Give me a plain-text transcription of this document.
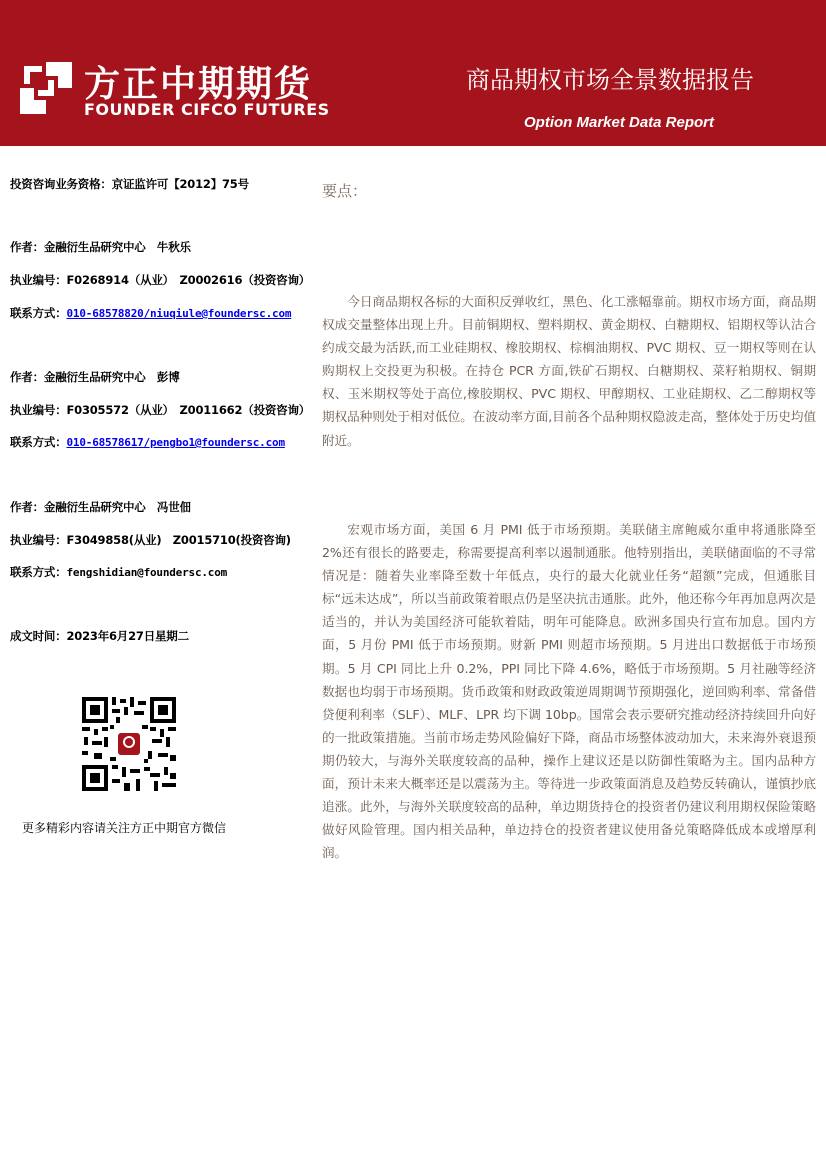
方正中期期货
FOUNDER CIFCO FUTURES
商品期权市场全景数据报告
Option Market Data Report
投资咨询业务资格：京证监许可【2012】75号
作者：金融衍生品研究中心　牛秋乐
执业编号：F0268914（从业）　Z0002616（投资咨询）
联系方式：010-68578820/niuqiule@foundersc.com
作者：金融衍生品研究中心　彭博
执业编号：F0305572（从业）　Z0011662（投资咨询）
联系方式：010-68578617/pengbo1@foundersc.com
作者：金融衍生品研究中心　冯世佃
执业编号：F3049858(从业)　Z0015710(投资咨询)
联系方式：fengshidian@foundersc.com
成文时间：2023年6月27日星期二
更多精彩内容请关注方正中期官方微信
要点：

今日商品期权各标的大面积反弹收红，黑色、化工涨幅靠前。期权市场方面，商品期权成交量整体出现上升。目前铜期权、塑料期权、黄金期权、白糖期权、铝期权等认沽合约成交最为活跃,而工业硅期权、橡胶期权、棕榈油期权、PVC 期权、豆一期权等则在认购期权上交投更为积极。在持仓 PCR 方面,铁矿石期权、白糖期权、菜籽粕期权、铜期权、玉米期权等处于高位,橡胶期权、PVC 期权、甲醇期权、工业硅期权、乙二醇期权等期权品种则处于相对低位。在波动率方面,目前各个品种期权隐波走高，整体处于历史均值附近。

宏观市场方面，美国 6 月 PMI 低于市场预期。美联储主席鲍威尔重申将通胀降至 2%还有很长的路要走，称需要提高利率以遏制通胀。他特别指出，美联储面临的不寻常情况是：随着失业率降至数十年低点，央行的最大化就业任务“超额”完成，但通胀目标“远未达成”，所以当前政策着眼点仍是坚决抗击通胀。此外，他还称今年再加息两次是适当的，并认为美国经济可能软着陆，明年可能降息。欧洲多国央行宣布加息。国内方面，5 月份 PMI 低于市场预期。财新 PMI 则超市场预期。5 月进出口数据低于市场预期。5 月 CPI 同比上升 0.2%，PPI 同比下降 4.6%，略低于市场预期。5 月社融等经济数据也均弱于市场预期。货币政策和财政政策逆周期调节预期强化，逆回购利率、常备借贷便利利率（SLF）、MLF、LPR 均下调 10bp。国常会表示要研究推动经济持续回升向好的一批政策措施。当前市场走势风险偏好下降，商品市场整体波动加大，未来海外衰退预期仍较大，与海外关联度较高的品种，操作上建议还是以防御性策略为主。国内品种方面，预计未来大概率还是以震荡为主。等待进一步政策面消息及趋势反转确认，谨慎抄底追涨。此外，与海外关联度较高的品种，单边期货持仓的投资者仍建议利用期权保险策略做好风险管理。国内相关品种，单边持仓的投资者建议使用备兑策略降低成本或增厚利润。
